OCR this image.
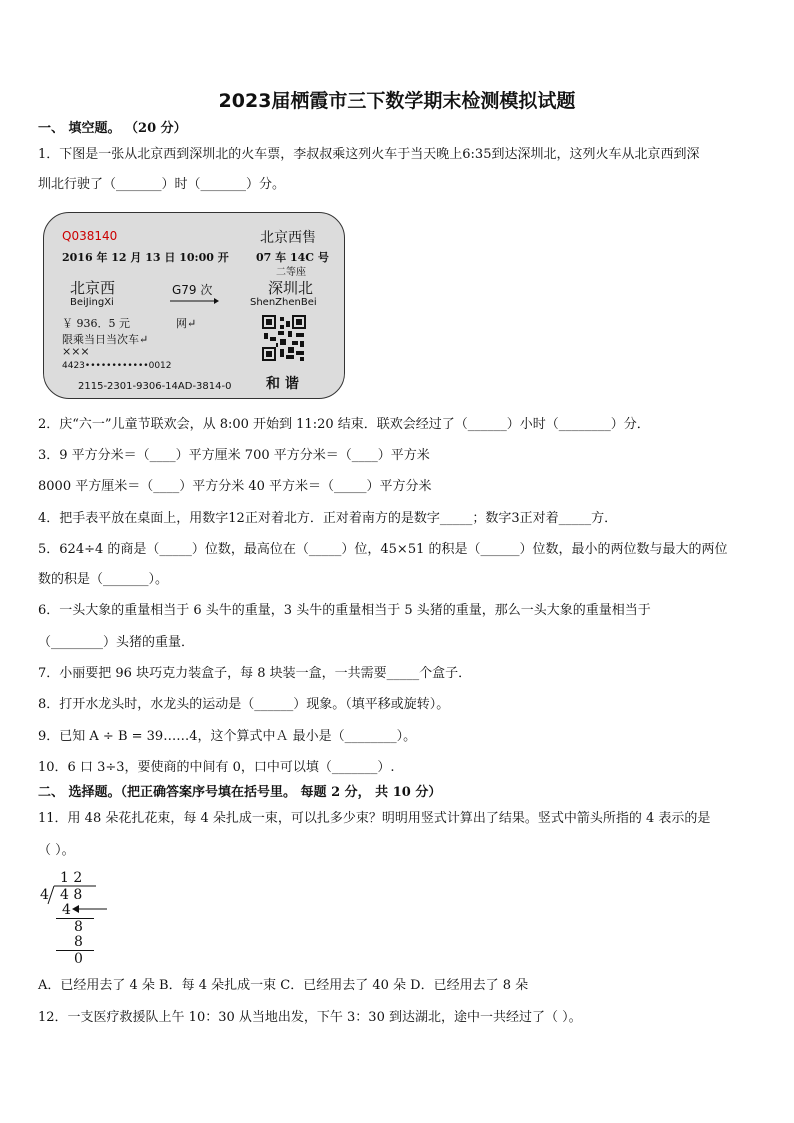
2023届栖霞市三下数学期末检测模拟试题
一、 填空题。 （20 分）
1．下图是一张从北京西到深圳北的火车票，李叔叔乘这列火车于当天晚上6:35到达深圳北，这列火车从北京西到深
圳北行驶了（_______）时（_______）分。
Q038140	北京西售
2016 年 12 月 13 日 10:00 开 07 车 14C 号
二等座
北京西	G79 次	深圳北
BeiJingXi	ShenZhenBei
￥ 936．5 元	网↵
限乘当日当次车↵
×××
4423••••••••••••0012
2115-2301-9306-14AD-3814-0 和 谐
2．庆“六一”儿童节联欢会，从 8:00 开始到 11:20 结束．联欢会经过了（______）小时（________）分．
3．9 平方分米＝（____）平方厘米 700 平方分米＝（____）平方米
8000 平方厘米＝（____）平方分米 40 平方米＝（_____）平方分米
4．把手表平放在桌面上，用数字12正对着北方．正对着南方的是数字_____；数字3正对着_____方．
5．624÷4 的商是（_____）位数，最高位在（_____）位，45×51 的积是（______）位数，最小的两位数与最大的两位
数的积是（_______）。
6．一头大象的重量相当于 6 头牛的重量，3 头牛的重量相当于 5 头猪的重量，那么一头大象的重量相当于
（________）头猪的重量．
7．小丽要把 96 块巧克力装盒子，每 8 块装一盒，一共需要_____个盒子．
8．打开水龙头时，水龙头的运动是（______）现象。（填平移或旋转）。
9．已知 A ÷ B = 39……4，这个算式中Ａ 最小是（________）。
10．6 口 3÷3，要使商的中间有 0，口中可以填（_______）.
二、 选择题。（把正确答案序号填在括号里。 每题 2 分， 共 10 分）
11．用 48 朵花扎花束，每 4 朵扎成一束，可以扎多少束？明明用竖式计算出了结果。竖式中箭头所指的 4 表示的是
（ ）。
1 2
4 4 8
4
8
8
0
A．已经用去了 4 朵 B．每 4 朵扎成一束 C．已经用去了 40 朵 D．已经用去了 8 朵
12．一支医疗救援队上午 10：30 从当地出发，下午 3：30 到达湖北，途中一共经过了（ ）。
